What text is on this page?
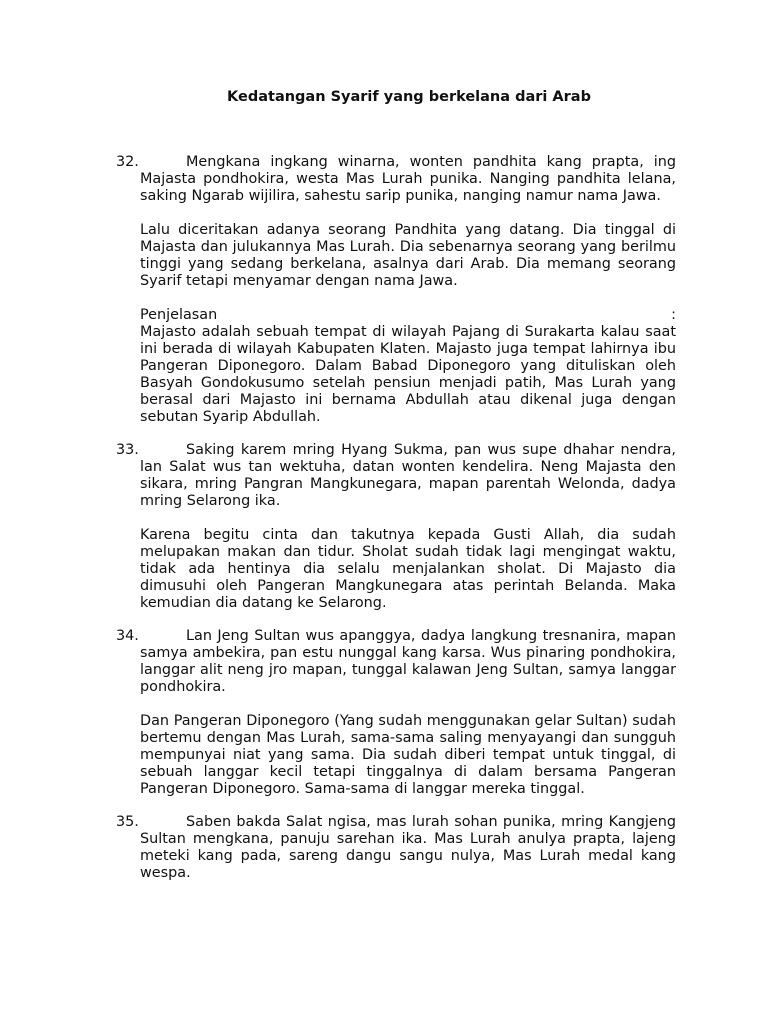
Kedatangan Syarif yang berkelana dari Arab
32.	Mengkana ingkang winarna, wonten pandhita kang prapta, ing Majasta pondhokira, westa Mas Lurah punika. Nanging pandhita lelana, saking Ngarab wijilira, sahestu sarip punika, nanging namur nama Jawa.

Lalu diceritakan adanya seorang Pandhita yang datang. Dia tinggal di Majasta dan julukannya Mas Lurah. Dia sebenarnya seorang yang berilmu tinggi yang sedang berkelana, asalnya dari Arab. Dia memang seorang Syarif tetapi menyamar dengan nama Jawa.

Penjelasan	:

Majasto adalah sebuah tempat di wilayah Pajang di Surakarta kalau saat ini berada di wilayah Kabupaten Klaten. Majasto juga tempat lahirnya ibu Pangeran Diponegoro. Dalam Babad Diponegoro yang dituliskan oleh Basyah Gondokusumo setelah pensiun menjadi patih, Mas Lurah yang berasal dari Majasto ini bernama Abdullah atau dikenal juga dengan sebutan Syarip Abdullah.

33.	Saking karem mring Hyang Sukma, pan wus supe dhahar nendra, lan Salat wus tan wektuha, datan wonten kendelira. Neng Majasta den sikara, mring Pangran Mangkunegara, mapan parentah Welonda, dadya mring Selarong ika.

Karena begitu cinta dan takutnya kepada Gusti Allah, dia sudah melupakan makan dan tidur. Sholat sudah tidak lagi mengingat waktu, tidak ada hentinya dia selalu menjalankan sholat. Di Majasto dia dimusuhi oleh Pangeran Mangkunegara atas perintah Belanda. Maka kemudian dia datang ke Selarong.

34.	Lan Jeng Sultan wus apanggya, dadya langkung tresnanira, mapan samya ambekira, pan estu nunggal kang karsa. Wus pinaring pondhokira, langgar alit neng jro mapan, tunggal kalawan Jeng Sultan, samya langgar pondhokira.

Dan Pangeran Diponegoro (Yang sudah menggunakan gelar Sultan) sudah bertemu dengan Mas Lurah, sama-sama saling menyayangi dan sungguh mempunyai niat yang sama. Dia sudah diberi tempat untuk tinggal, di sebuah langgar kecil tetapi tinggalnya di dalam bersama Pangeran Pangeran Diponegoro. Sama-sama di langgar mereka tinggal.

35.	Saben bakda Salat ngisa, mas lurah sohan punika, mring Kangjeng Sultan mengkana, panuju sarehan ika. Mas Lurah anulya prapta, lajeng meteki kang pada, sareng dangu sangu nulya, Mas Lurah medal kang wespa.
